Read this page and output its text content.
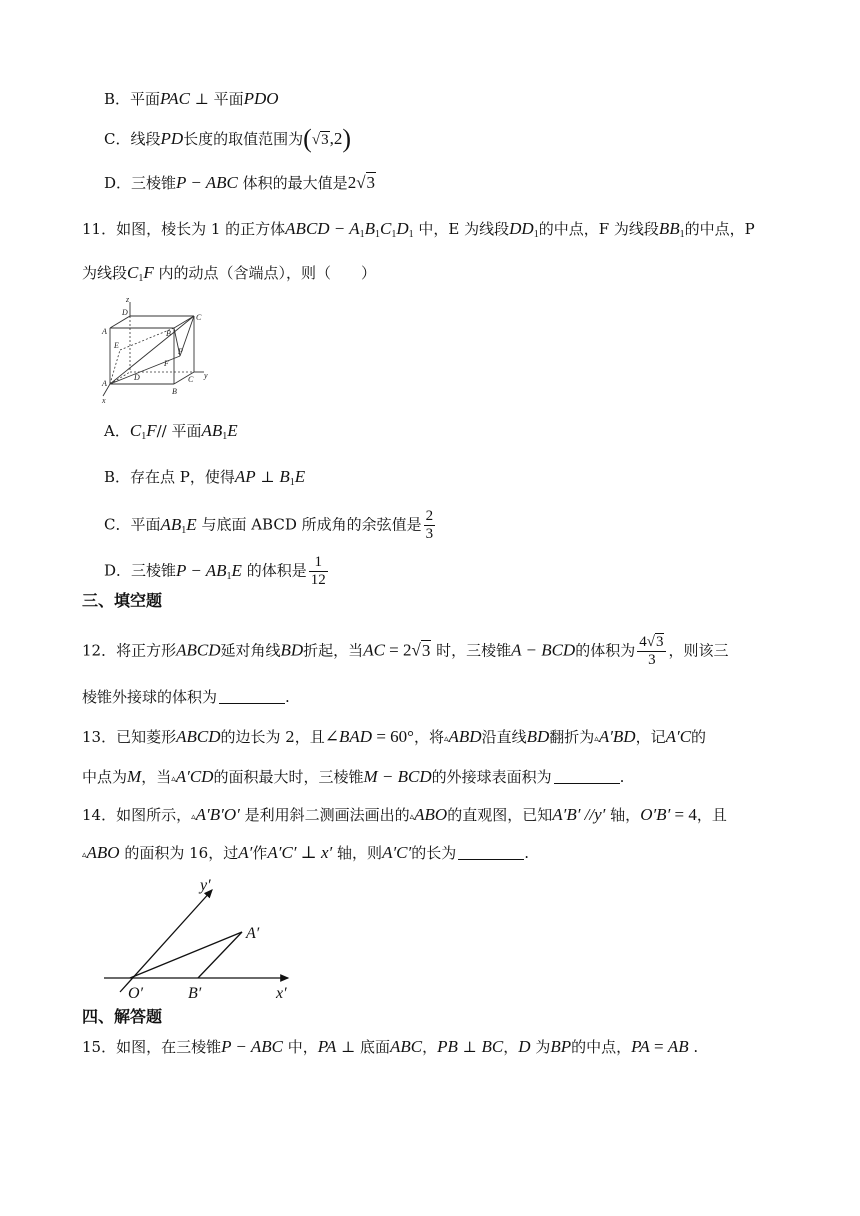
B．平面PAC ⊥ 平面PDO
C．线段PD长度的取值范围为(√3,2)
D．三棱锥P − ABC 体积的最大值是2√3
11．如图，棱长为 1 的正方体ABCD − $A_1B_1C_1D_1$ 中，E 为线段$DD_1$的中点，F 为线段$BB_1$的中点，P
为线段$C_1F$ 内的动点（含端点），则（　　）
z
D
C
A	B
E
P
F
D	C y
A
B
x
A．$C_1F//$ 平面$AB_1E$
B．存在点 P，使得AP ⊥ $B_1E$
C．平面$AB_1E$ 与底面 ABCD 所成角的余弦值是 $\frac{2}{3}$
D．三棱锥$P - AB_1E$ 的体积是 $\frac{1}{12}$
三、填空题
12．将正方形ABCD延对角线BD折起，当AC = 2√3 时，三棱锥A − BCD的体积为 $\frac{4√3}{3}$ ，则该三
棱锥外接球的体积为	.
13．已知菱形ABCD的边长为 2，且∠BAD = 60°，将▵ABD沿直线BD翻折为▵A′BD，记A′C的
中点为M，当▵A′CD的面积最大时，三棱锥M − BCD的外接球表面积为	.
14．如图所示，▵A′B′O′ 是利用斜二测画法画出的▵ABO的直观图，已知A′B′ //y′ 轴，O′B′ = 4，且
▵ABO 的面积为 16，过A′作A′C′ ⊥ x′ 轴，则A′C′的长为	.
y′
A′
O′	B′	x′
四、解答题
15．如图，在三棱锥P − ABC 中，PA ⊥ 底面ABC，PB ⊥ BC，D 为BP的中点，PA = AB .
